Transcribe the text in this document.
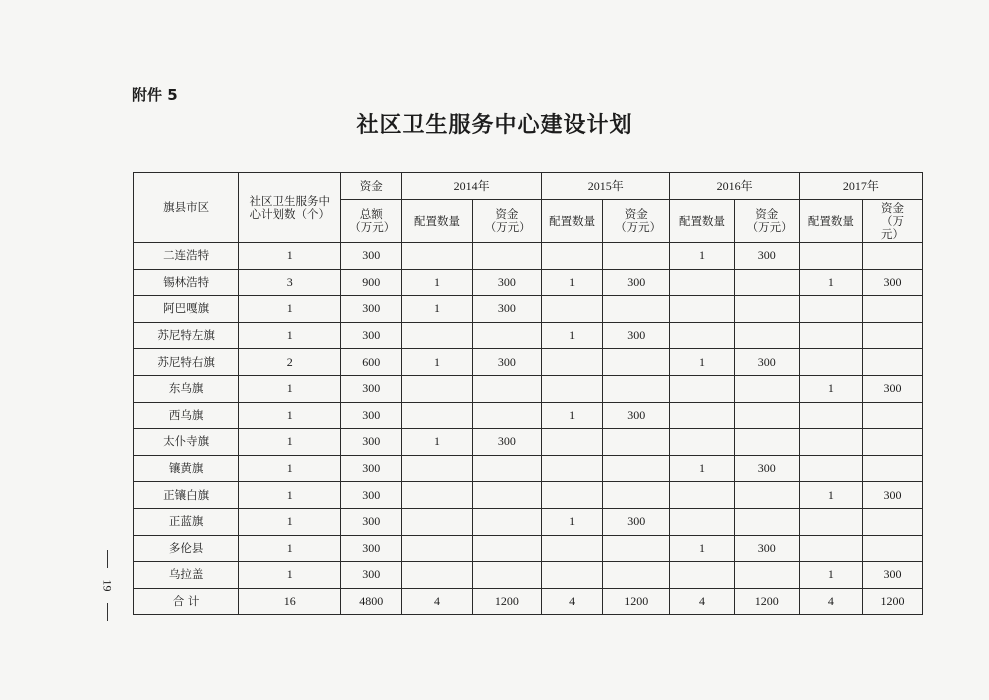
附件 5
社区卫生服务中心建设计划
旗县市区	社区卫生服务中心计划数（个）	资金	2014年		2015年		2016年		2017年	
		总额（万元）	配置数量	资金（万元）	配置数量	资金（万元）	配置数量	资金（万元）	配置数量	资金（万元）
二连浩特	1	300					1	300		
锡林浩特	3	900	1	300	1	300			1	300
阿巴嘎旗	1	300	1	300						
苏尼特左旗	1	300			1	300				
苏尼特右旗	2	600	1	300			1	300		
东乌旗	1	300							1	300
西乌旗	1	300			1	300				
太仆寺旗	1	300	1	300						
镶黄旗	1	300					1	300		
正镶白旗	1	300							1	300
正蓝旗	1	300			1	300				
多伦县	1	300					1	300		
乌拉盖	1	300							1	300
合 计	16	4800	4	1200	4	1200	4	1200	4	1200
19
